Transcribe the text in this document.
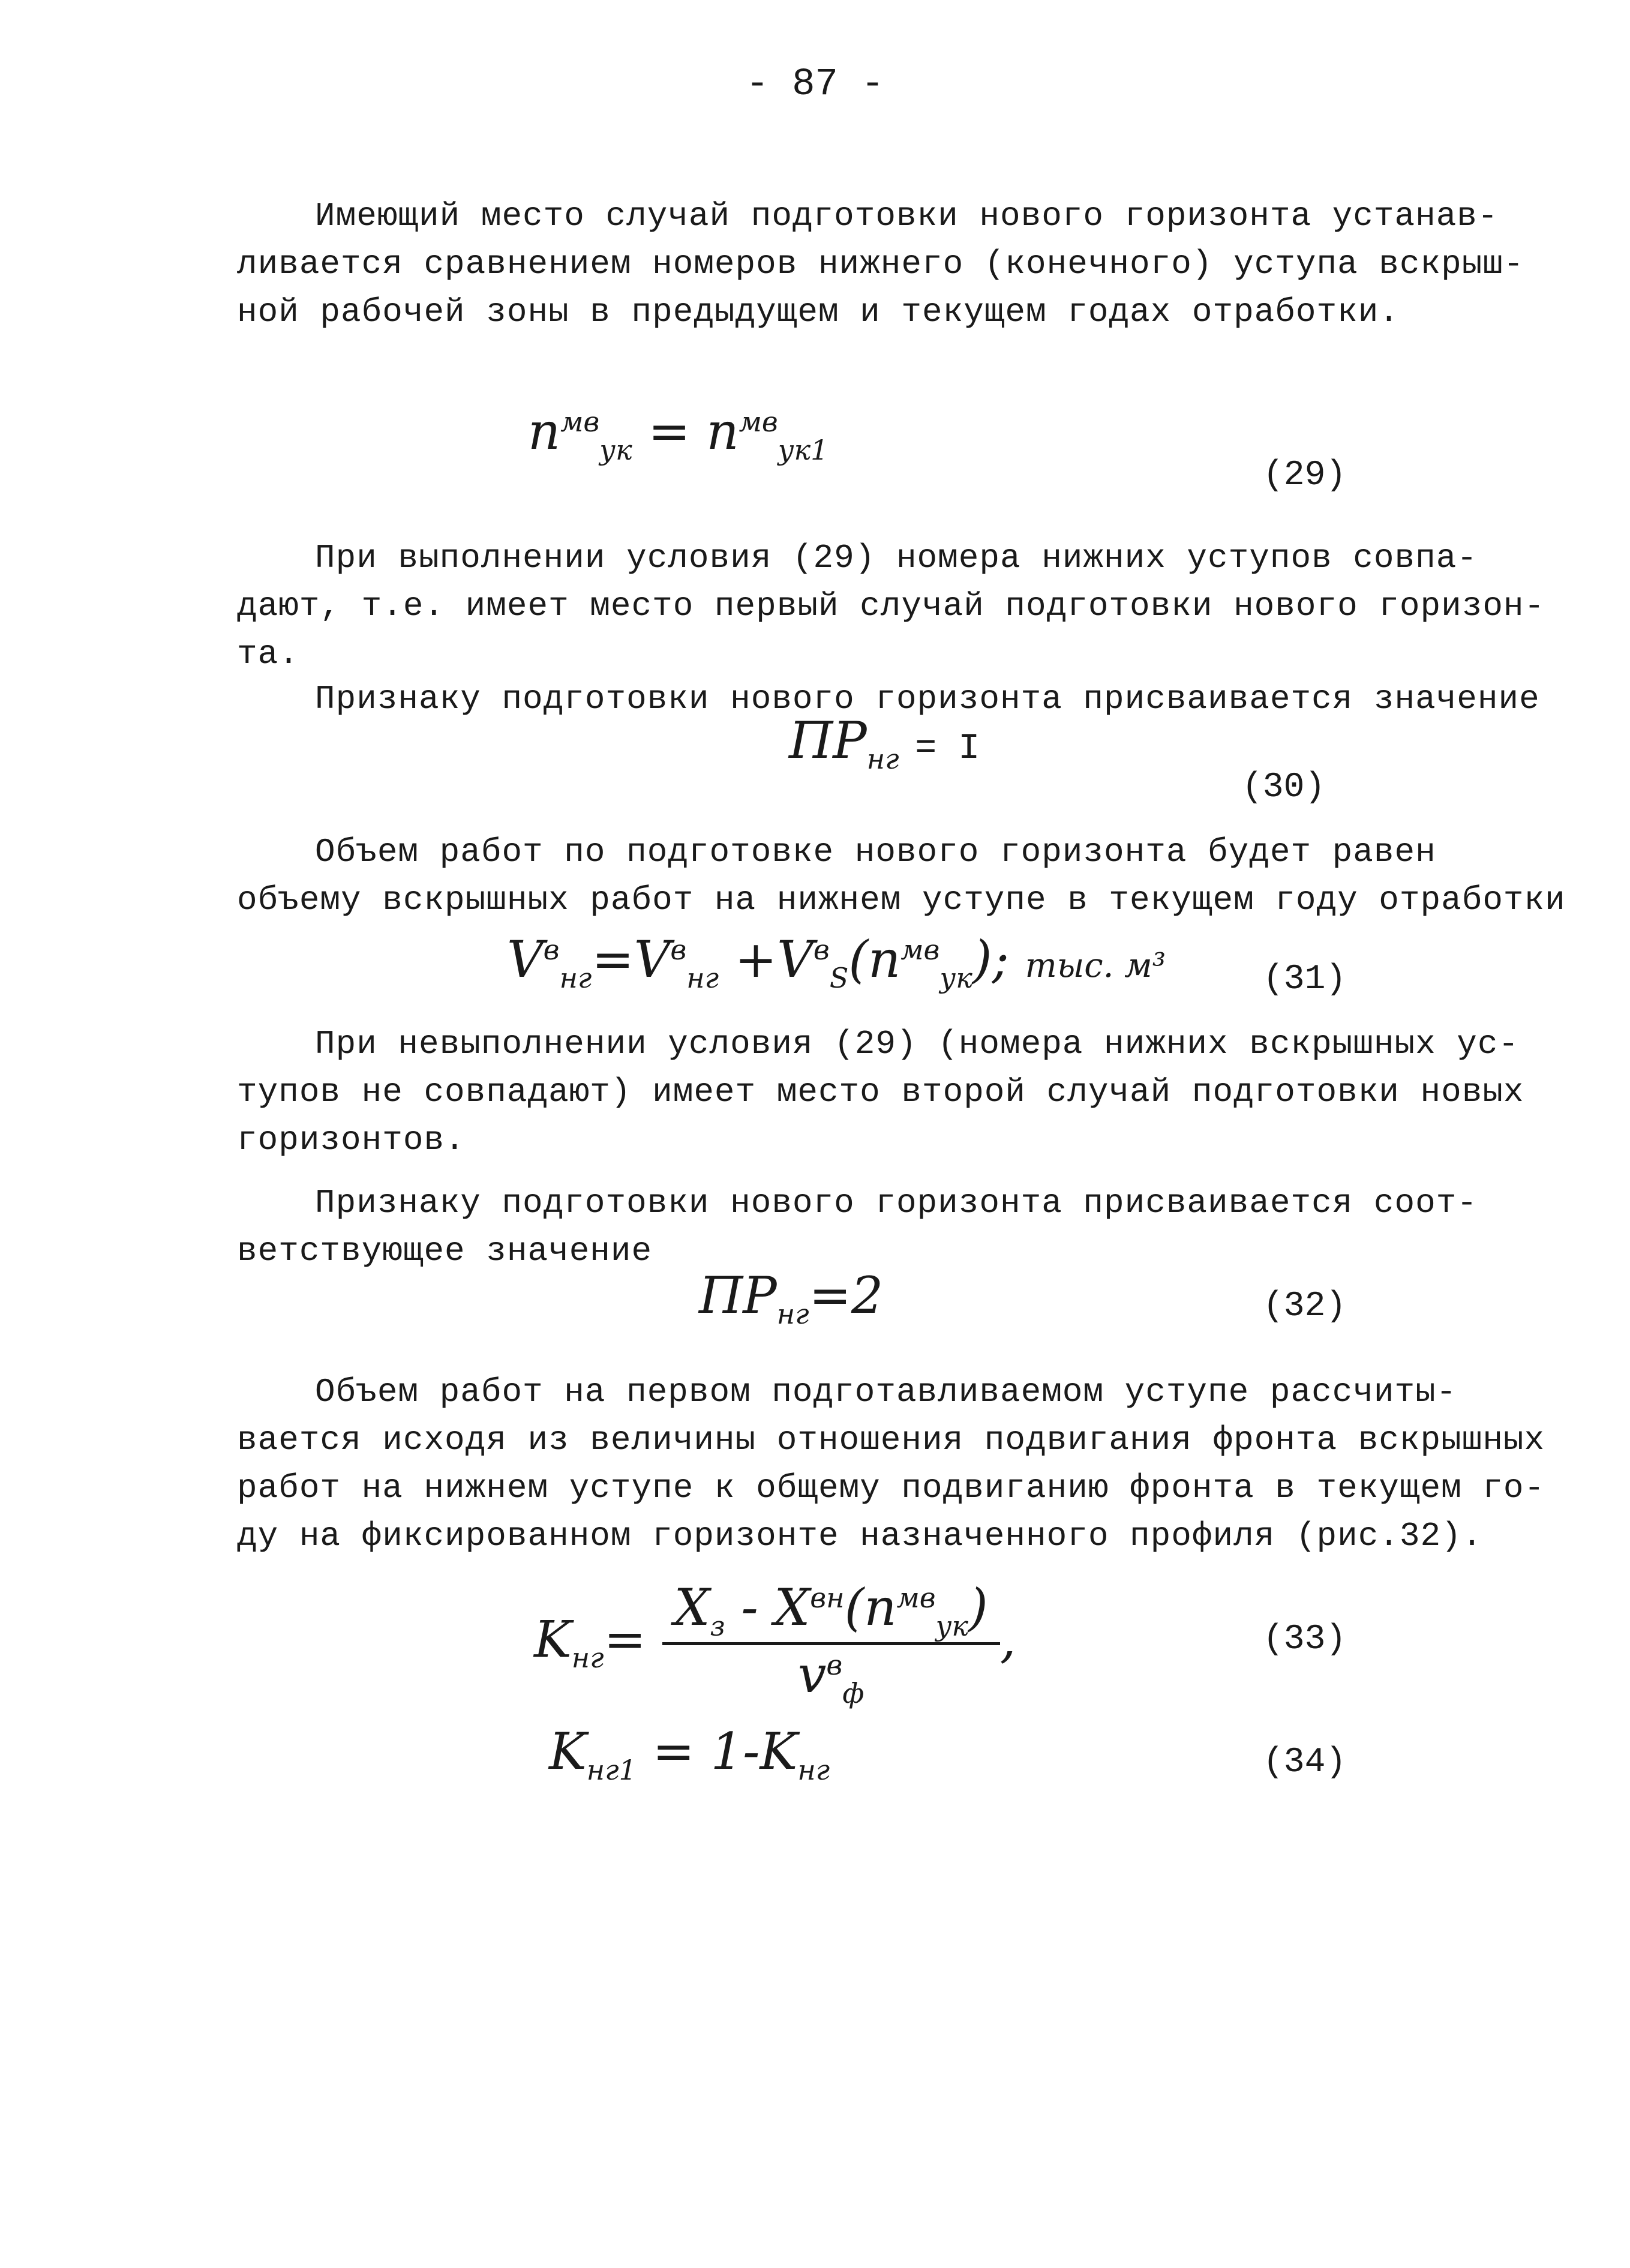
- 87 -

Имеющий место случай подготовки нового горизонта устанав-
ливается сравнением номеров нижнего (конечного) уступа вскрыш-
ной рабочей зоны в предыдущем и текущем годах отработки.

$n^{мв}_{ук} = n^{мв}_{ук1}$
(29)

При выполнении условия (29) номера нижних уступов совпа-
дают, т.е. имеет место первый случай подготовки нового горизон-
та.

Признаку подготовки нового горизонта присваивается значение

$ПР_{нг} = I$
(30)

Объем работ по подготовке нового горизонта будет равен
объему вскрышных работ на нижнем уступе в текущем году отработки

$V^в_{нг}=V^в_{нг} +V^в_S(n^{мв}_{ук})$; тыс. м³	(31)

При невыполнении условия (29) (номера нижних вскрышных ус-
тупов не совпадают) имеет место второй случай подготовки новых
горизонтов.

Признаку подготовки нового горизонта присваивается соот-
ветствующее значение

$ПР_{нг}=2$	(32)

Объем работ на первом подготавливаемом уступе рассчиты-
вается исходя из величины отношения подвигания фронта вскрышных
работ на нижнем уступе к общему подвиганию фронта в текущем го-
ду на фиксированном горизонте назначенного профиля (рис.32).

$K_{нг}= \frac{X_з - X^{вн}(n^{мв}_{ук})}{v^в_ф}$ ,	(33)
$K_{нг1} = 1-K_{нг}$	(34)
